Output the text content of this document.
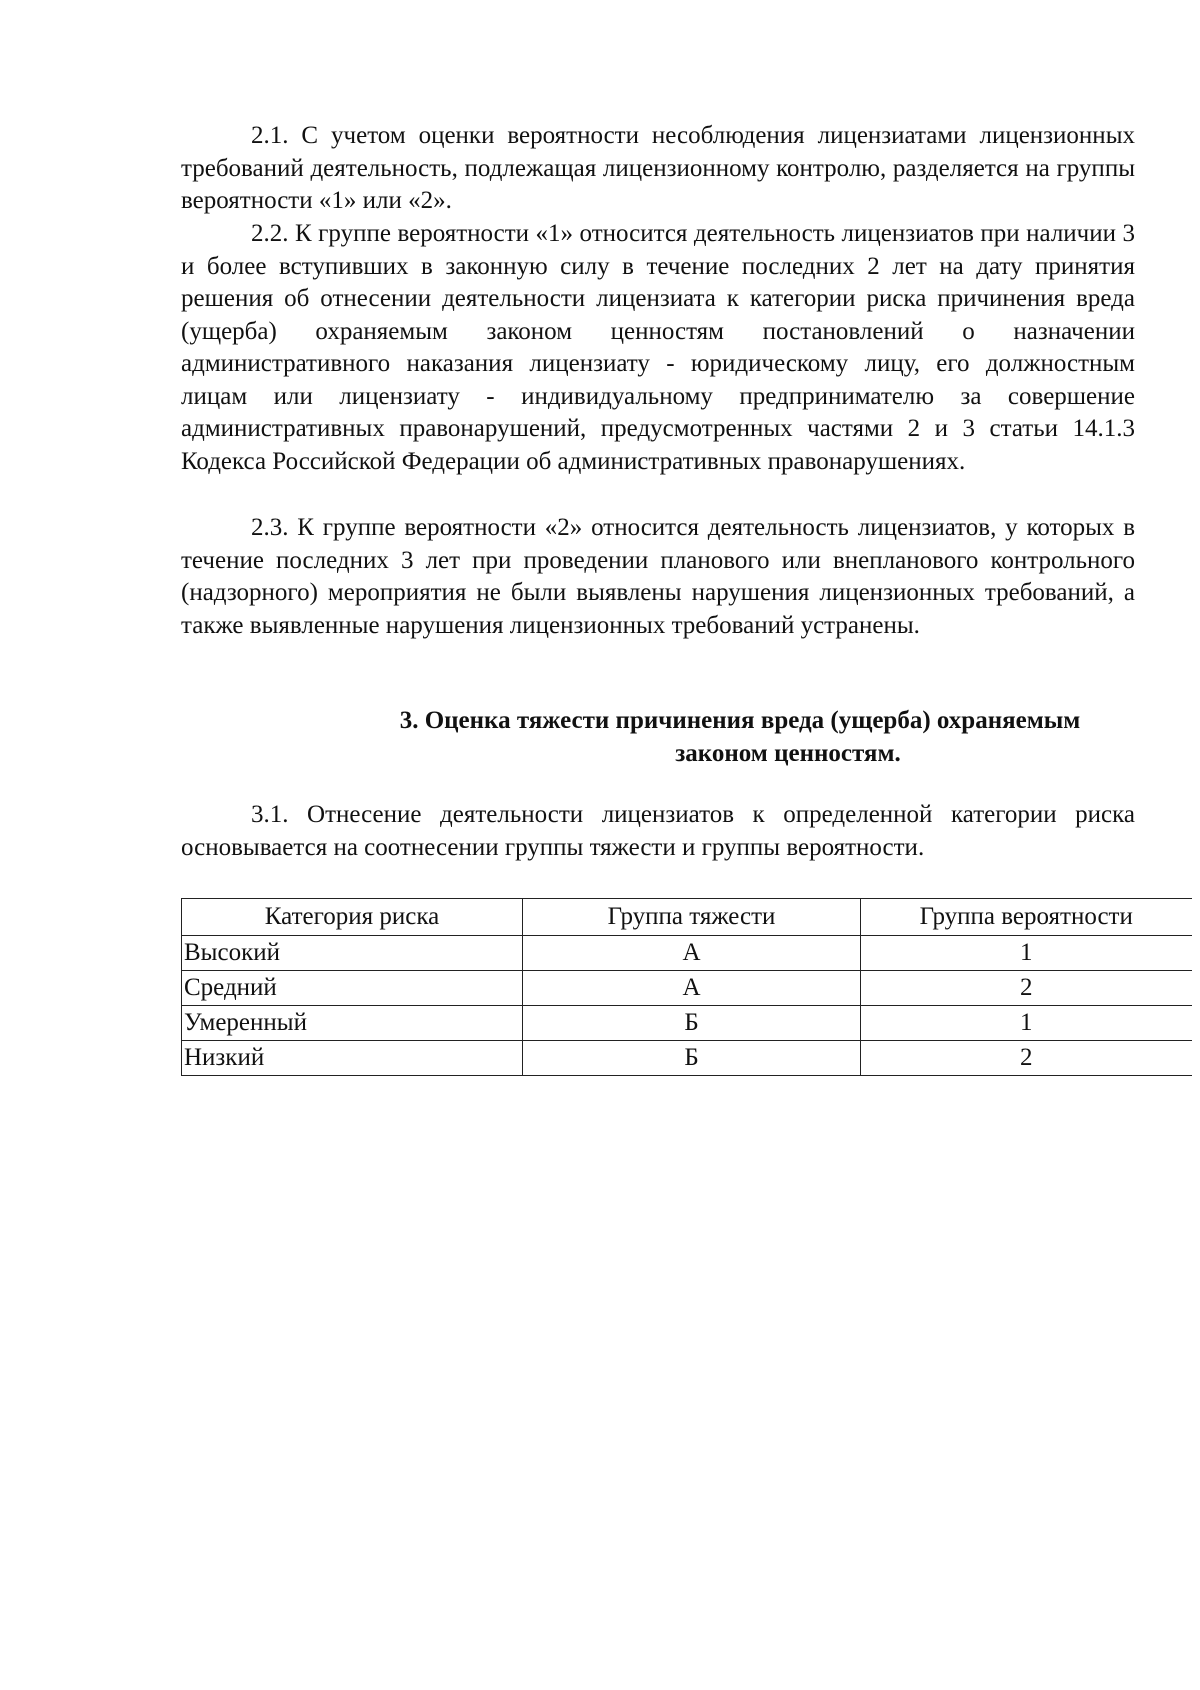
2.1. С учетом оценки вероятности несоблюдения лицензиатами лицензионных требований деятельность, подлежащая лицензионному контролю, разделяется на группы вероятности «1» или «2».

2.2. К группе вероятности «1» относится деятельность лицензиатов при наличии 3 и более вступивших в законную силу в течение последних 2 лет на дату принятия решения об отнесении деятельности лицензиата к категории риска причинения вреда (ущерба) охраняемым законом ценностям постановлений о назначении административного наказания лицензиату - юридическому лицу, его должностным лицам или лицензиату - индивидуальному предпринимателю за совершение административных правонарушений, предусмотренных частями 2 и 3 статьи 14.1.3 Кодекса Российской Федерации об административных правонарушениях.

2.3. К группе вероятности «2» относится деятельность лицензиатов, у которых в течение последних 3 лет при проведении планового или внепланового контрольного (надзорного) мероприятия не были выявлены нарушения лицензионных требований, а также выявленные нарушения лицензионных требований устранены.

3. Оценка тяжести причинения вреда (ущерба) охраняемым
законом ценностям.

3.1. Отнесение деятельности лицензиатов к определенной категории риска основывается на соотнесении группы тяжести и группы вероятности.

Категория риска	Группа тяжести	Группа вероятности
Высокий	А	1
Средний	А	2
Умеренный	Б	1
Низкий	Б	2
